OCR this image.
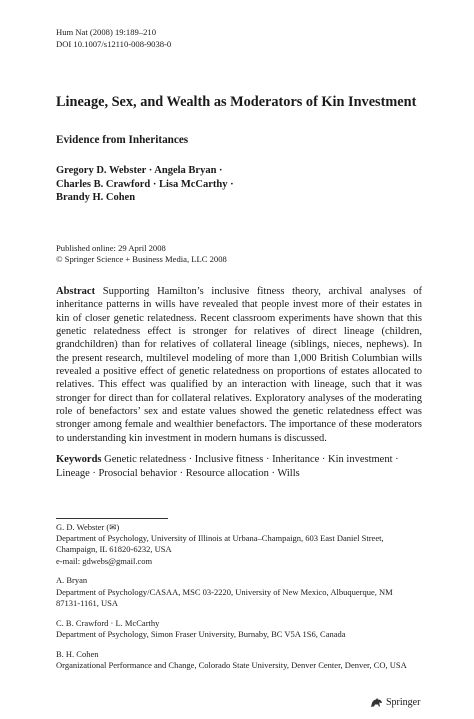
Hum Nat (2008) 19:189–210
DOI 10.1007/s12110-008-9038-0
Lineage, Sex, and Wealth as Moderators of Kin Investment
Evidence from Inheritances
Gregory D. Webster · Angela Bryan ·
Charles B. Crawford · Lisa McCarthy ·
Brandy H. Cohen
Published online: 29 April 2008
© Springer Science + Business Media, LLC 2008

Abstract Supporting Hamilton’s inclusive fitness theory, archival analyses of inheritance patterns in wills have revealed that people invest more of their estates in kin of closer genetic relatedness. Recent classroom experiments have shown that this genetic relatedness effect is stronger for relatives of direct lineage (children, grandchildren) than for relatives of collateral lineage (siblings, nieces, nephews). In the present research, multilevel modeling of more than 1,000 British Columbian wills revealed a positive effect of genetic relatedness on proportions of estates allocated to relatives. This effect was qualified by an interaction with lineage, such that it was stronger for direct than for collateral relatives. Exploratory analyses of the moderating role of benefactors’ sex and estate values showed the genetic relatedness effect was stronger among female and wealthier benefactors. The importance of these moderators to understanding kin investment in modern humans is discussed.

Keywords Genetic relatedness · Inclusive fitness · Inheritance · Kin investment · Lineage · Prosocial behavior · Resource allocation · Wills

G. D. Webster (✉)
Department of Psychology, University of Illinois at Urbana–Champaign, 603 East Daniel Street,
Champaign, IL 61820-6232, USA
e-mail: gdwebs@gmail.com
A. Bryan
Department of Psychology/CASAA, MSC 03-2220, University of New Mexico, Albuquerque, NM
87131-1161, USA
C. B. Crawford · L. McCarthy
Department of Psychology, Simon Fraser University, Burnaby, BC V5A 1S6, Canada
B. H. Cohen
Organizational Performance and Change, Colorado State University, Denver Center, Denver, CO, USA
Springer
